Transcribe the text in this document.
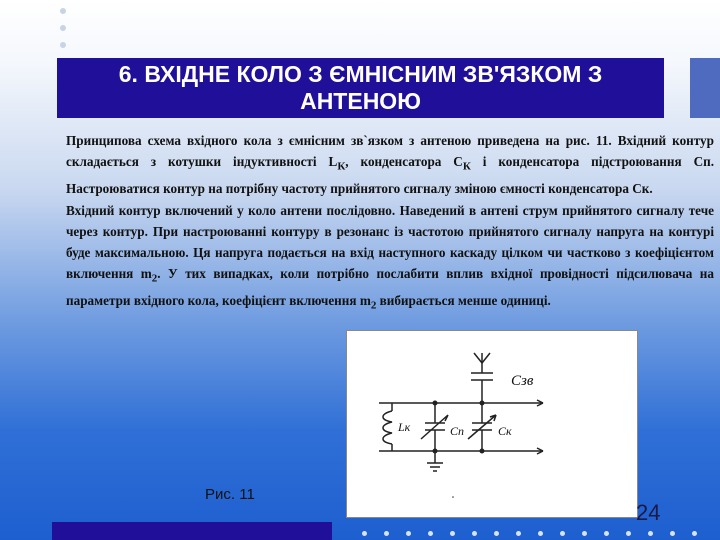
6. ВХІДНЕ КОЛО З ЄМНІСНИМ ЗВ'ЯЗКОМ З
АНТЕНОЮ

Принципова схема вхідного кола з ємнісним зв`язком з антеною приведена на рис. 11. Вхідний контур складається з котушки індуктивності $L_К$, конденсатора $С_К$ і конденсатора підстроювання Сп. Настроюватися контур на потрібну частоту прийнятого сигналу зміною ємності конденсатора Ск.

Вхідний контур включений у коло антени послідовно. Наведений в антені струм прийнятого сигналу тече через контур. При настроюванні контуру в резонанс із частотою прийнятого сигналу напруга на контурі буде максимальною. Ця напруга подається на вхід наступного каскаду цілком чи частково з коефіцієнтом включення $m_2$. У тих випадках, коли потрібно послабити вплив вхідної провідності підсилювача на параметри вхідного кола, коефіцієнт включення $m_2$ вибирається менше одиниці.

Cзв
Lк	Cп	Cк
Рис. 11
24
